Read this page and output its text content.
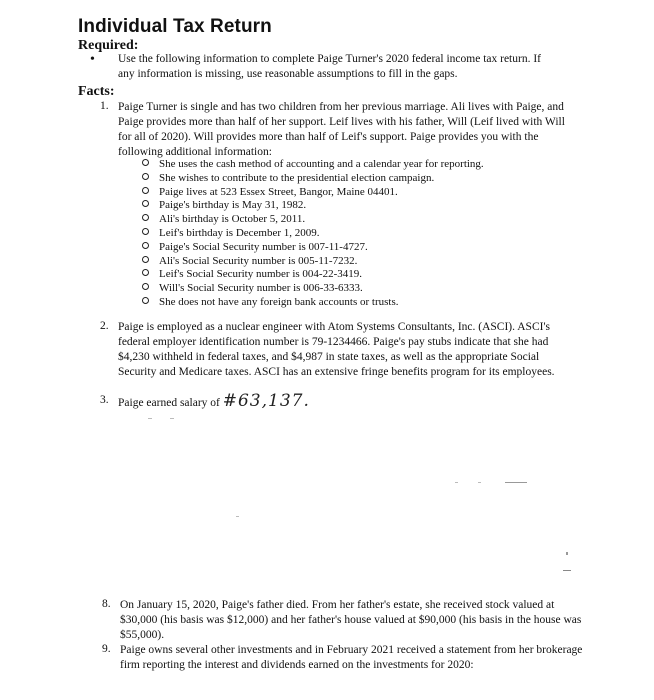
Individual Tax Return
Required:
• Use the following information to complete Paige Turner's 2020 federal income tax return. If any information is missing, use reasonable assumptions to fill in the gaps.
Facts:
1. Paige Turner is single and has two children from her previous marriage. Ali lives with Paige, and Paige provides more than half of her support. Leif lives with his father, Will (Leif lived with Will for all of 2020). Will provides more than half of Leif's support. Paige provides you with the following additional information:
She uses the cash method of accounting and a calendar year for reporting.
She wishes to contribute to the presidential election campaign.
Paige lives at 523 Essex Street, Bangor, Maine 04401.
Paige's birthday is May 31, 1982.
Ali's birthday is October 5, 2011.
Leif's birthday is December 1, 2009.
Paige's Social Security number is 007-11-4727.
Ali's Social Security number is 005-11-7232.
Leif's Social Security number is 004-22-3419.
Will's Social Security number is 006-33-6333.
She does not have any foreign bank accounts or trusts.
2. Paige is employed as a nuclear engineer with Atom Systems Consultants, Inc. (ASCI). ASCI's federal employer identification number is 79-1234466. Paige's pay stubs indicate that she had $4,230 withheld in federal taxes, and $4,987 in state taxes, as well as the appropriate Social Security and Medicare taxes. ASCI has an extensive fringe benefits program for its employees.
3. Paige earned salary of #63,137.
8. On January 15, 2020, Paige's father died. From her father's estate, she received stock valued at $30,000 (his basis was $12,000) and her father's house valued at $90,000 (his basis in the house was $55,000).
9. Paige owns several other investments and in February 2021 received a statement from her brokerage firm reporting the interest and dividends earned on the investments for 2020:
